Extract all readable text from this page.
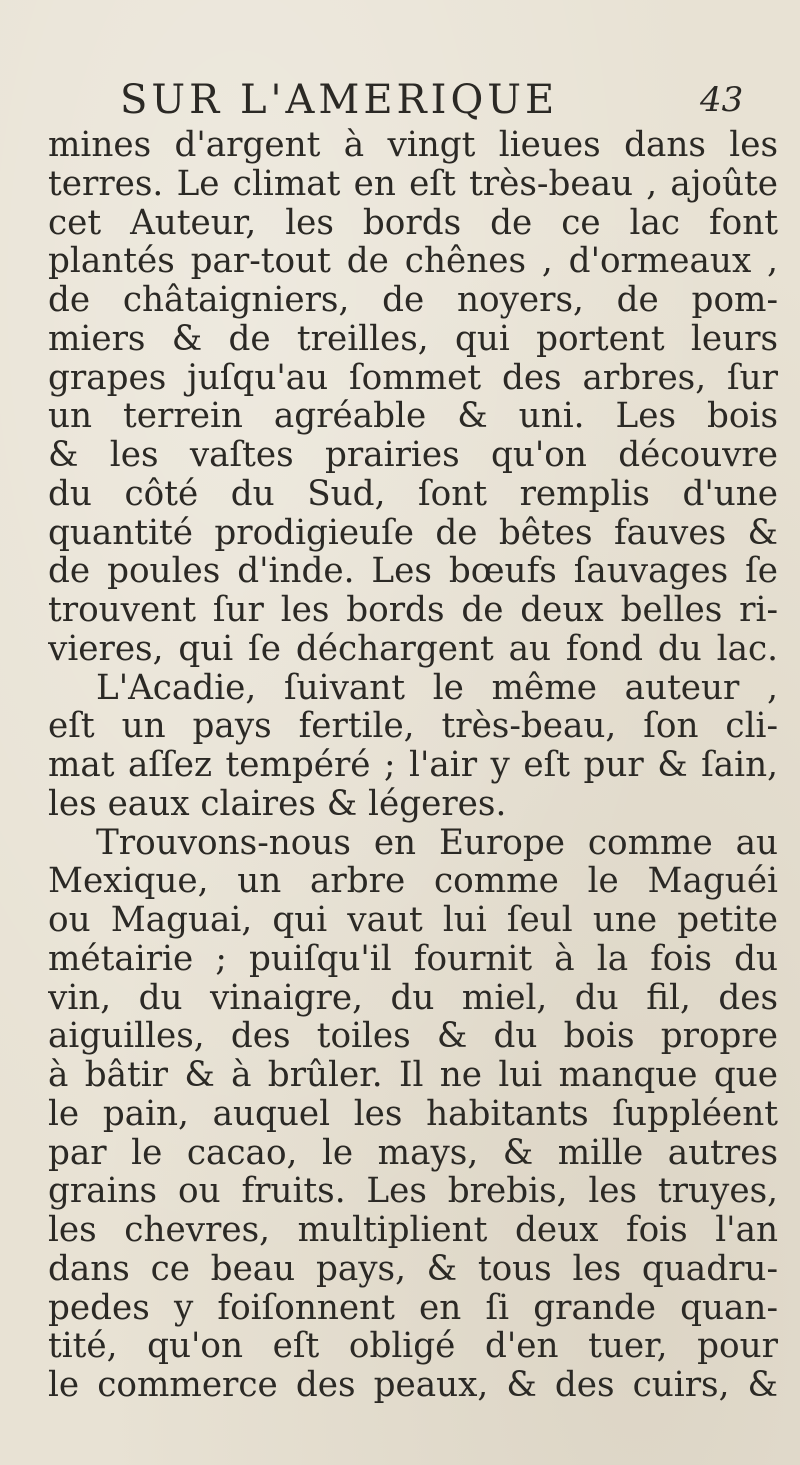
SUR L'AMERIQUE	43
mines d'argent à vingt lieues dans les
terres. Le climat en eſt très-beau , ajoûte
cet Auteur, les bords de ce lac font
plantés par-tout de chênes , d'ormeaux ,
de châtaigniers, de noyers, de pom-
miers & de treilles, qui portent leurs
grapes juſqu'au ſommet des arbres, ſur
un terrein agréable & uni. Les bois
& les vaſtes prairies qu'on découvre
du côté du Sud, ſont remplis d'une
quantité prodigieuſe de bêtes fauves &
de poules d'inde. Les bœufs ſauvages ſe
trouvent ſur les bords de deux belles ri-
vieres, qui ſe déchargent au fond du lac.
L'Acadie, ſuivant le même auteur ,
eſt un pays fertile, très-beau, ſon cli-
mat aſſez tempéré ; l'air y eſt pur & ſain,
les eaux claires & légeres.
Trouvons-nous en Europe comme au
Mexique, un arbre comme le Maguéi
ou Maguai, qui vaut lui ſeul une petite
métairie ; puiſqu'il fournit à la fois du
vin, du vinaigre, du miel, du fil, des
aiguilles, des toiles & du bois propre
à bâtir & à brûler. Il ne lui manque que
le pain, auquel les habitants ſuppléent
par le cacao, le mays, & mille autres
grains ou fruits. Les brebis, les truyes,
les chevres, multiplient deux fois l'an
dans ce beau pays, & tous les quadru-
pedes y foiſonnent en ſi grande quan-
tité, qu'on eſt obligé d'en tuer, pour
le commerce des peaux, & des cuirs, &
